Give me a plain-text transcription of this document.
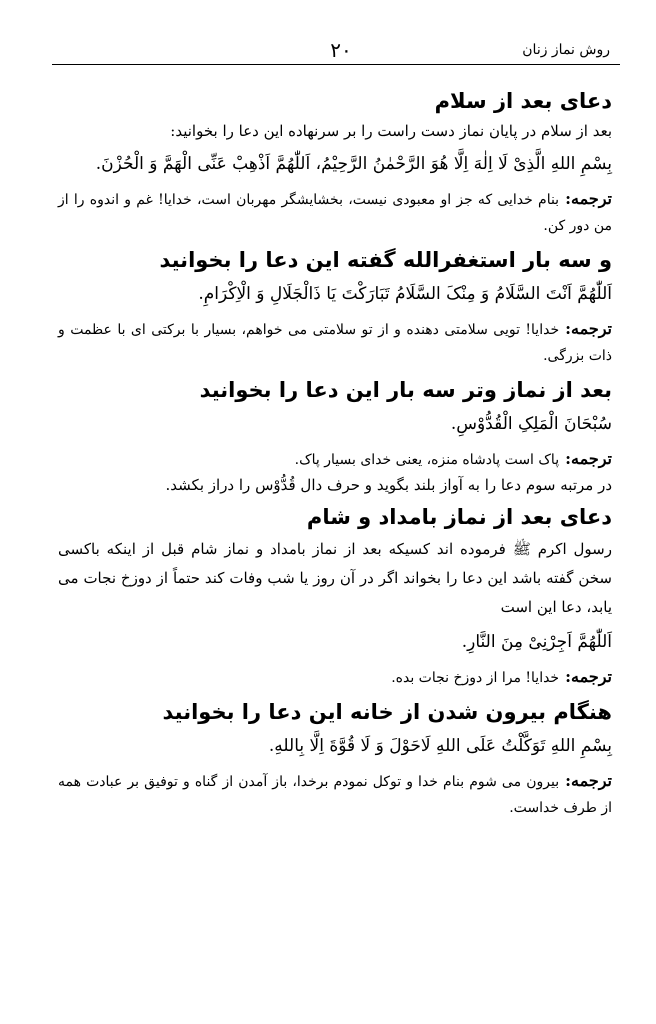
روش نماز زنان
۲۰
دعای بعد از سلام
بعد از سلام در پایان نماز دست راست را بر سرنهاده این دعا را بخوانید:
بِسْمِ اللهِ الَّذِیْ لَا اِلٰهَ اِلَّا هُوَ الرَّحْمٰنُ الرَّحِیْمُ، اَللّٰهُمَّ اَذْهِبْ عَنِّی الْهَمَّ وَ الْحُزْنَ.
ترجمه:بنام خدایی که جز او معبودی نیست، بخشایشگر مهربان است، خدایا! غم و اندوه را از من دور کن.
و سه بار استغفرالله گفته این دعا را بخوانید
اَللّٰهُمَّ اَنْتَ السَّلَامُ وَ مِنْکَ السَّلَامُ تَبَارَکْتَ یَا ذَالْجَلَالِ وَ الْاِکْرَامِ.
ترجمه:خدایا! تویی سلامتی دهنده و از تو سلامتی می خواهم، بسیار با برکتی ای با عظمت و ذات بزرگی.
بعد از نماز وتر سه بار این دعا را بخوانید
سُبْحَانَ الْمَلِکِ الْقُدُّوْسِ.
ترجمه:پاک است پادشاه منزه، یعنی خدای بسیار پاک.
در مرتبه سوم دعا را به آواز بلند بگوید و حرف دال قُدُّوْس را دراز بکشد.
دعای بعد از نماز بامداد و شام
رسول اکرم ﷺ فرموده اند کسیکه بعد از نماز بامداد و نماز شام قبل از اینکه باکسی سخن گفته باشد این دعا را بخواند اگر در آن روز یا شب وفات کند حتماً از دوزخ نجات می یابد، دعا این است
اَللّٰهُمَّ اَجِرْنِیْ مِنَ النَّارِ.
ترجمه:خدایا! مرا از دوزخ نجات بده.
هنگام بیرون شدن از خانه این دعا را بخوانید
بِسْمِ اللهِ تَوَکَّلْتُ عَلَی اللهِ لَاحَوْلَ وَ لَا قُوَّةَ اِلَّا بِاللهِ.
ترجمه:بیرون می شوم بنام خدا و توکل نمودم برخدا، باز آمدن از گناه و توفیق بر عبادت همه از طرف خداست.
